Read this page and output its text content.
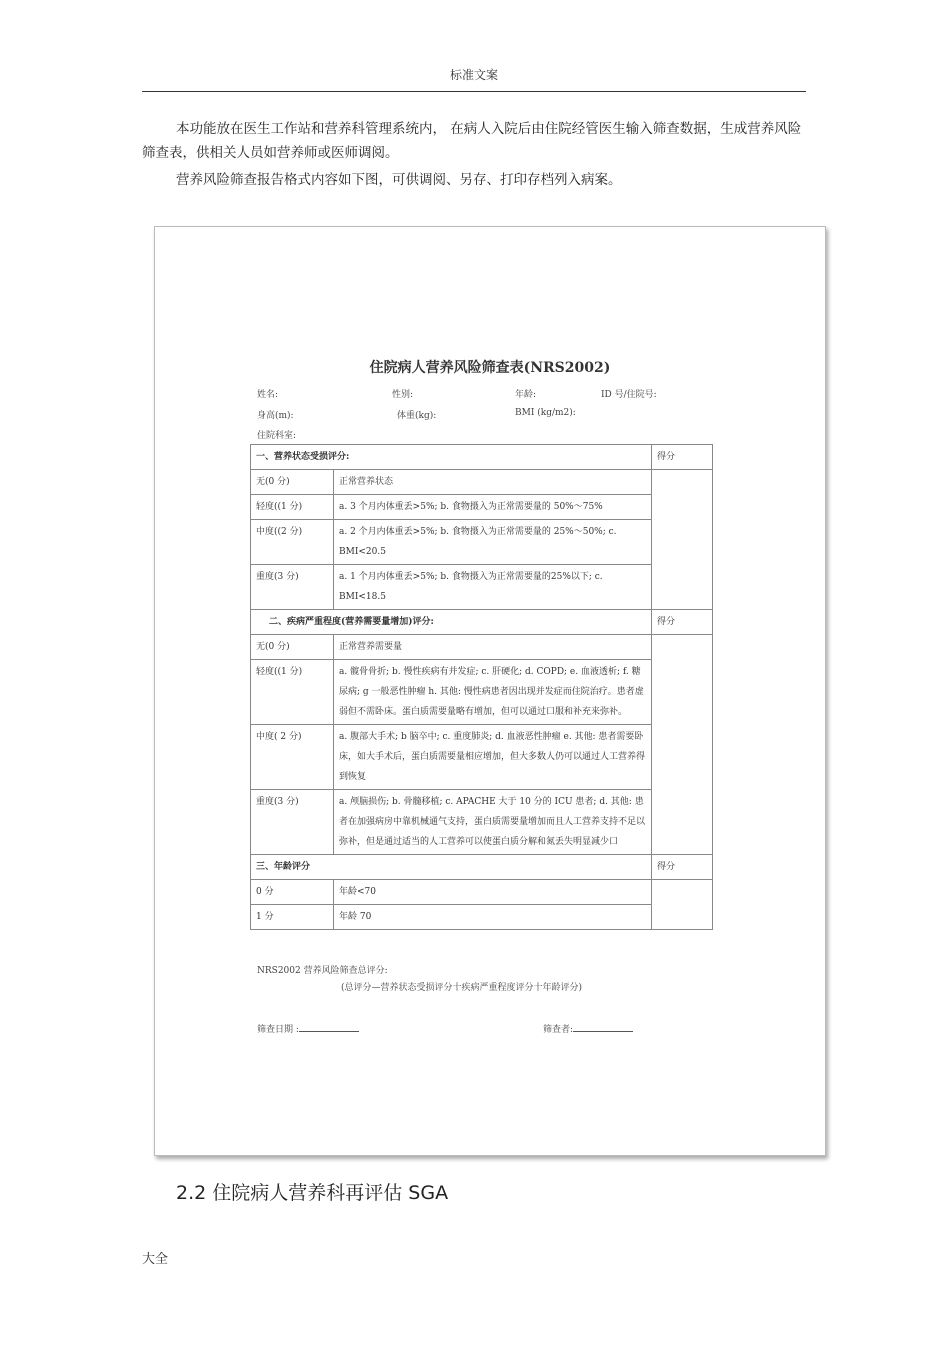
标准文案
本功能放在医生工作站和营养科管理系统内， 在病人入院后由住院经管医生输入筛查数据，生成营养风险筛查表，供相关人员如营养师或医师调阅。
营养风险筛查报告格式内容如下图，可供调阅、另存、打印存档列入病案。
住院病人营养风险筛查表(NRS2002)
姓名:	性别:	年龄:	ID 号/住院号:
身高(m):	体重(kg):	BMI (kg/m2):
住院科室:
一、营养状态受损评分:		得分
无(0 分)	正常营养状态	
轻度((1 分)	a. 3 个月内体重丢>5%; b. 食物摄入为正常需要量的 50%～75%	
中度((2 分)	a. 2 个月内体重丢>5%; b. 食物摄入为正常需要量的 25%～50%; c. BMI<20.5	
重度(3 分)	a. 1 个月内体重丢>5%; b. 食物摄入为正常需要量的25%以下; c. BMI<18.5	
二、疾病严重程度(营养需要量增加)评分:		得分
无(0 分)	正常营养需要量	
轻度((1 分)	a. 髋骨骨折; b. 慢性疾病有并发症; c. 肝硬化; d. COPD; e. 血液透析; f. 糖尿病; g 一般恶性肿瘤 h. 其他: 慢性病患者因出现并发症而住院治疗。患者虚弱但不需卧床。蛋白质需要量略有增加，但可以通过口服和补充来弥补。	
中度( 2 分)	a. 腹部大手术; b 脑卒中; c. 重度肺炎; d. 血液恶性肿瘤 e. 其他: 患者需要卧床，如大手术后，蛋白质需要量相应增加，但大多数人仍可以通过人工营养得到恢复	
重度(3 分)	a. 颅脑损伤; b. 骨髓移植; c. APACHE 大于 10 分的 ICU 患者; d. 其他: 患者在加强病房中靠机械通气支持，蛋白质需要量增加而且人工营养支持不足以弥补，但是通过适当的人工营养可以使蛋白质分解和氮丢失明显减少口	
三、年龄评分		得分
0 分	年龄<70	
1 分	年龄 70	
NRS2002 营养风险筛查总评分:
(总评分—营养状态受损评分十疾病严重程度评分十年龄评分)
筛查日期 :	筛查者:
2.2 住院病人营养科再评估 SGA
大全
